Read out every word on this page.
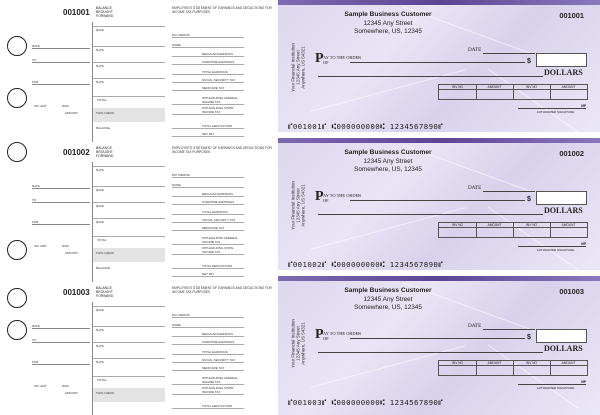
001001 BALANCE BROUGHT FORWARD
DATE
TO
FOR
INV. AMT	DISC
DATE
DATE
DATE
DATE
TOTAL
AMOUNT	THIS CHECK
BALANCE
EMPLOYEE'S STATEMENT OF EARNINGS AND DEDUCTIONS FOR INCOME TAX PURPOSES
PAY PERIOD
NAME
REGULAR EARNINGS
OVERTIME EARNINGS
TOTAL EARNINGS
SOCIAL SECURITY TAX
MEDICARE TAX
WITHHOLDING FEDERAL INCOME TAX
WITHHOLDING STATE INCOME TAX
TOTAL DEDUCTIONS
NET PAY
Sample Business Customer
12345 Any Street
Somewhere, US, 12345
001001
Your Financial Institution 12345 Any Street Anywhere, US 54321	DATE
P AY TO THE ORDER OF	$
DOLLARS
INV NO	AMOUNT	INV NO	AMOUNT
MP
AUTHORIZED SIGNATURE
⑈001001⑈ ⑆000000000⑆ 1234567890⑈
001002 BALANCE BROUGHT FORWARD
DATE
TO
FOR
INV. AMT	DISC
DATE
DATE
DATE
DATE
TOTAL
AMOUNT	THIS CHECK
BALANCE
EMPLOYEE'S STATEMENT OF EARNINGS AND DEDUCTIONS FOR INCOME TAX PURPOSES
PAY PERIOD
NAME
REGULAR EARNINGS
OVERTIME EARNINGS
TOTAL EARNINGS
SOCIAL SECURITY TAX
MEDICARE TAX
WITHHOLDING FEDERAL INCOME TAX
WITHHOLDING STATE INCOME TAX
TOTAL DEDUCTIONS
NET PAY
Sample Business Customer
12345 Any Street
Somewhere, US, 12345
001002
Your Financial Institution 12345 Any Street Anywhere, US 54321	DATE
P AY TO THE ORDER OF	$
DOLLARS
INV NO	AMOUNT	INV NO	AMOUNT
MP
AUTHORIZED SIGNATURE
⑈001002⑈ ⑆000000000⑆ 1234567890⑈
001003 BALANCE BROUGHT FORWARD
DATE
TO
FOR
INV. AMT	DISC
DATE
DATE
DATE
DATE
TOTAL
AMOUNT	THIS CHECK
EMPLOYEE'S STATEMENT OF EARNINGS AND DEDUCTIONS FOR INCOME TAX PURPOSES
PAY PERIOD
NAME
REGULAR EARNINGS
OVERTIME EARNINGS
TOTAL EARNINGS
SOCIAL SECURITY TAX
MEDICARE TAX
WITHHOLDING FEDERAL INCOME TAX
WITHHOLDING STATE INCOME TAX
TOTAL DEDUCTIONS
Sample Business Customer
12345 Any Street
Somewhere, US, 12345
001003
Your Financial Institution 12345 Any Street Anywhere, US 54321	DATE
P AY TO THE ORDER OF	$
DOLLARS
INV NO	AMOUNT	INV NO	AMOUNT
MP
AUTHORIZED SIGNATURE
⑈001003⑈ ⑆000000000⑆ 1234567890⑈
